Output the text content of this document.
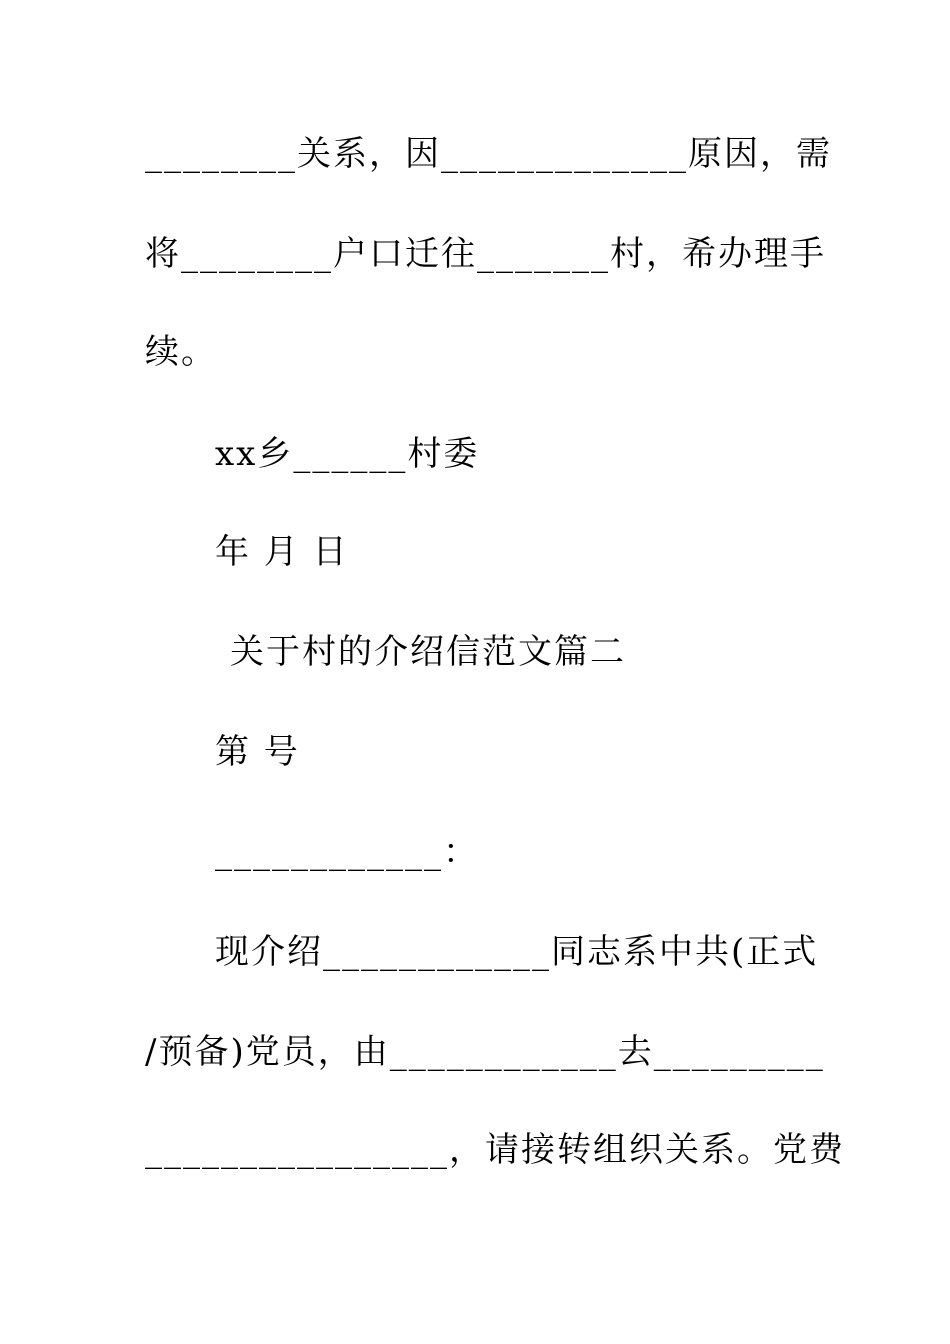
________关系，因_____________原因，需
将________户口迁往_______村，希办理手
续。
xx乡______村委
年 月 日
关于村的介绍信范文篇二
第 号
____________：
现介绍____________同志系中共(正式
/预备)党员，由____________去_________
________________，请接转组织关系。党费
